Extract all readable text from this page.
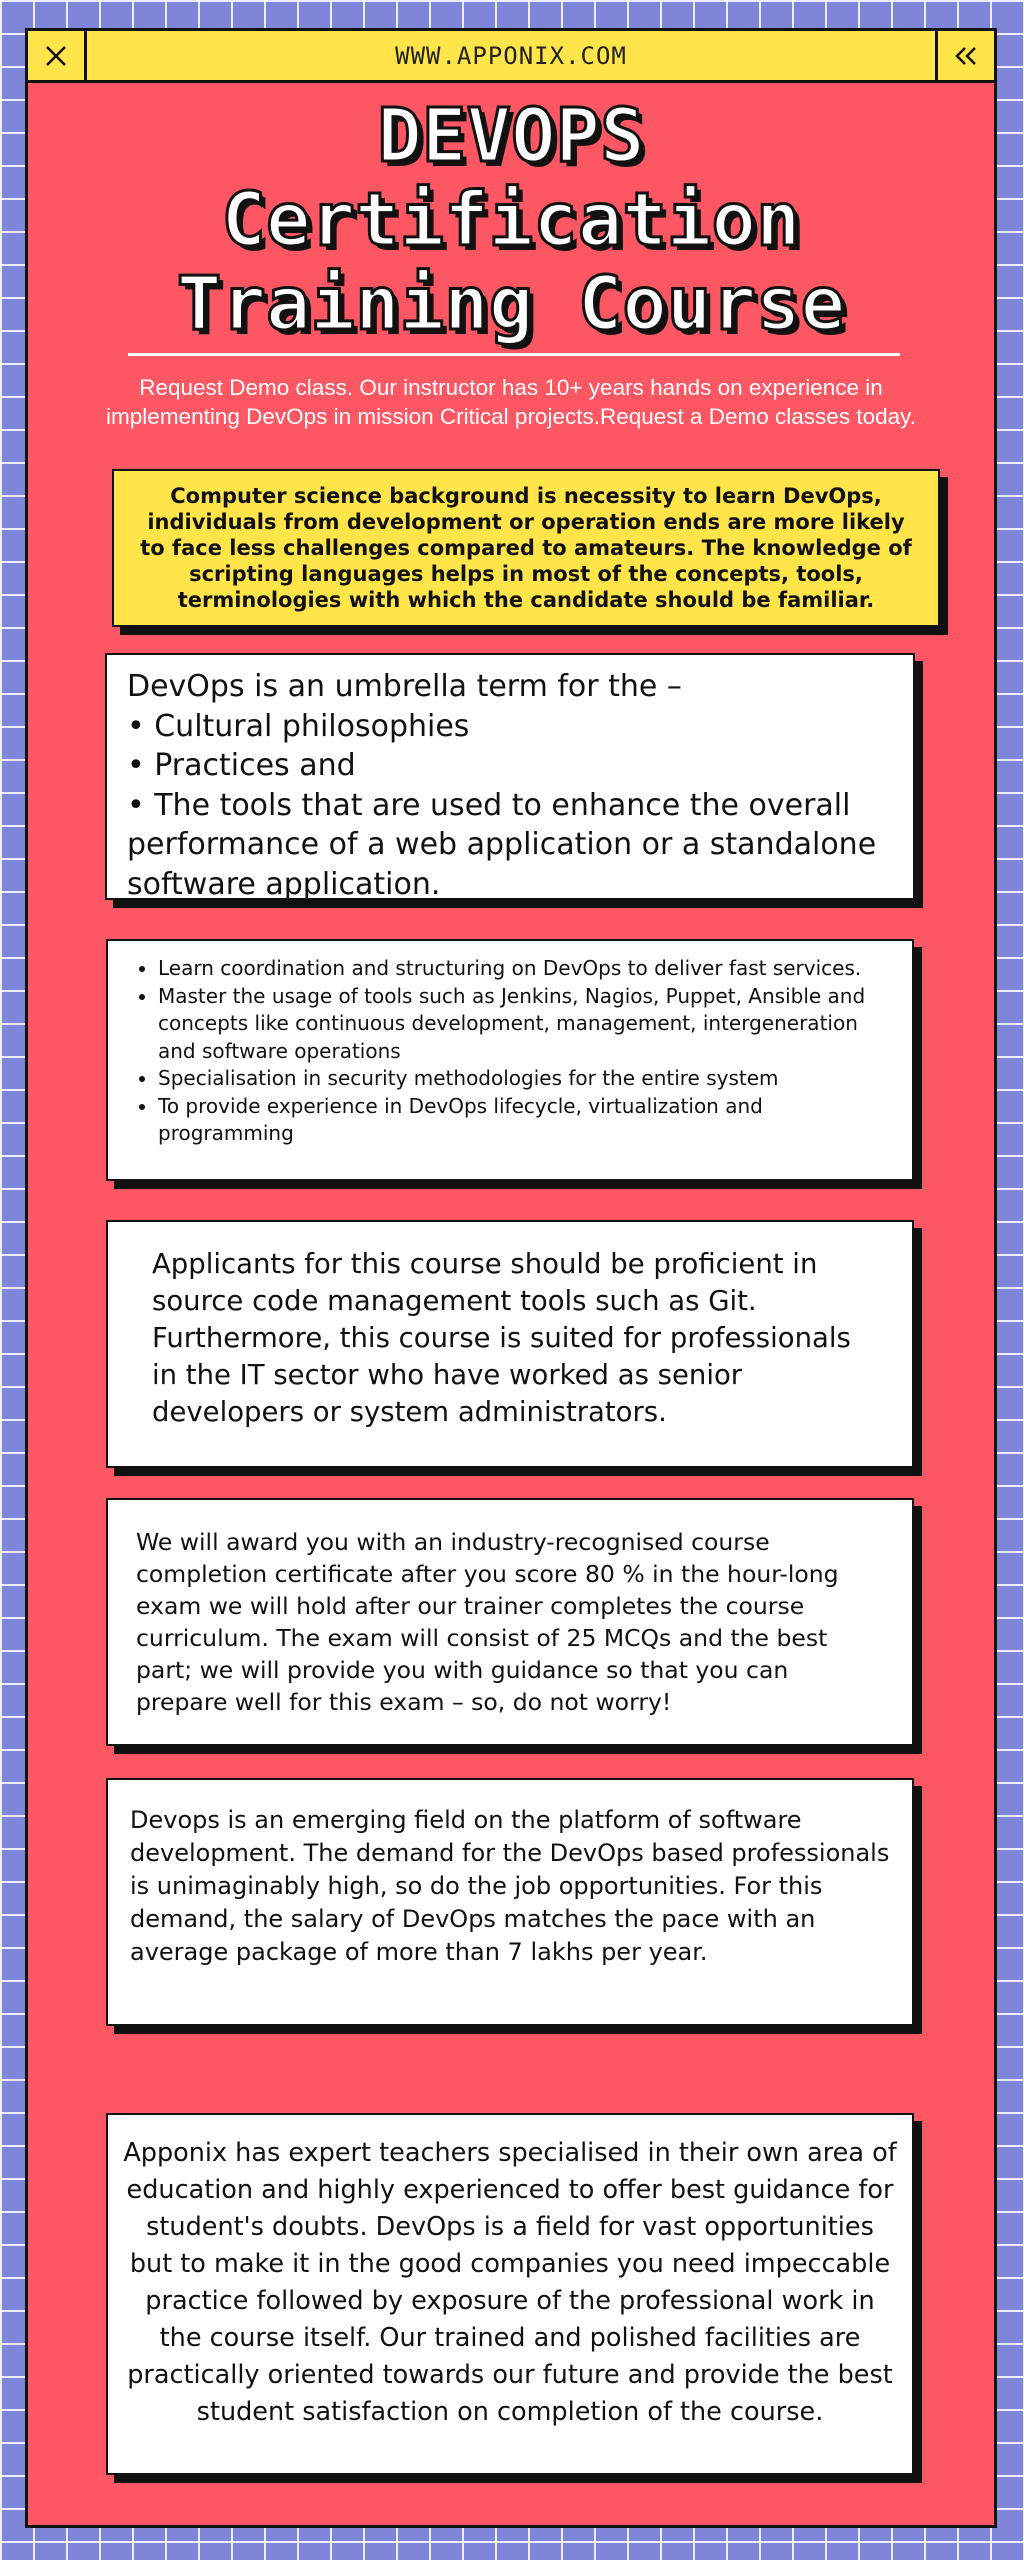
WWW.APPONIX.COM
DEVOPS
Certification
Training Course

Request Demo class. Our instructor has 10+ years hands on experience in implementing DevOps in mission Critical projects.Request a Demo classes today.

Computer science background is necessity to learn DevOps, individuals from development or operation ends are more likely to face less challenges compared to amateurs. The knowledge of scripting languages helps in most of the concepts, tools, terminologies with which the candidate should be familiar.
DevOps is an umbrella term for the –
• Cultural philosophies
• Practices and
• The tools that are used to enhance the overall performance of a web application or a standalone software application.
• Learn coordination and structuring on DevOps to deliver fast services.
• Master the usage of tools such as Jenkins, Nagios, Puppet, Ansible and concepts like continuous development, management, intergeneration and software operations
• Specialisation in security methodologies for the entire system
• To provide experience in DevOps lifecycle, virtualization and programming
Applicants for this course should be proficient in source code management tools such as Git. Furthermore, this course is suited for professionals in the IT sector who have worked as senior developers or system administrators.
We will award you with an industry-recognised course completion certificate after you score 80 % in the hour-long exam we will hold after our trainer completes the course curriculum. The exam will consist of 25 MCQs and the best part; we will provide you with guidance so that you can prepare well for this exam – so, do not worry!
Devops is an emerging field on the platform of software development. The demand for the DevOps based professionals is unimaginably high, so do the job opportunities. For this demand, the salary of DevOps matches the pace with an average package of more than 7 lakhs per year.
Apponix has expert teachers specialised in their own area of education and highly experienced to offer best guidance for student's doubts. DevOps is a field for vast opportunities but to make it in the good companies you need impeccable practice followed by exposure of the professional work in the course itself. Our trained and polished facilities are practically oriented towards our future and provide the best student satisfaction on completion of the course.
